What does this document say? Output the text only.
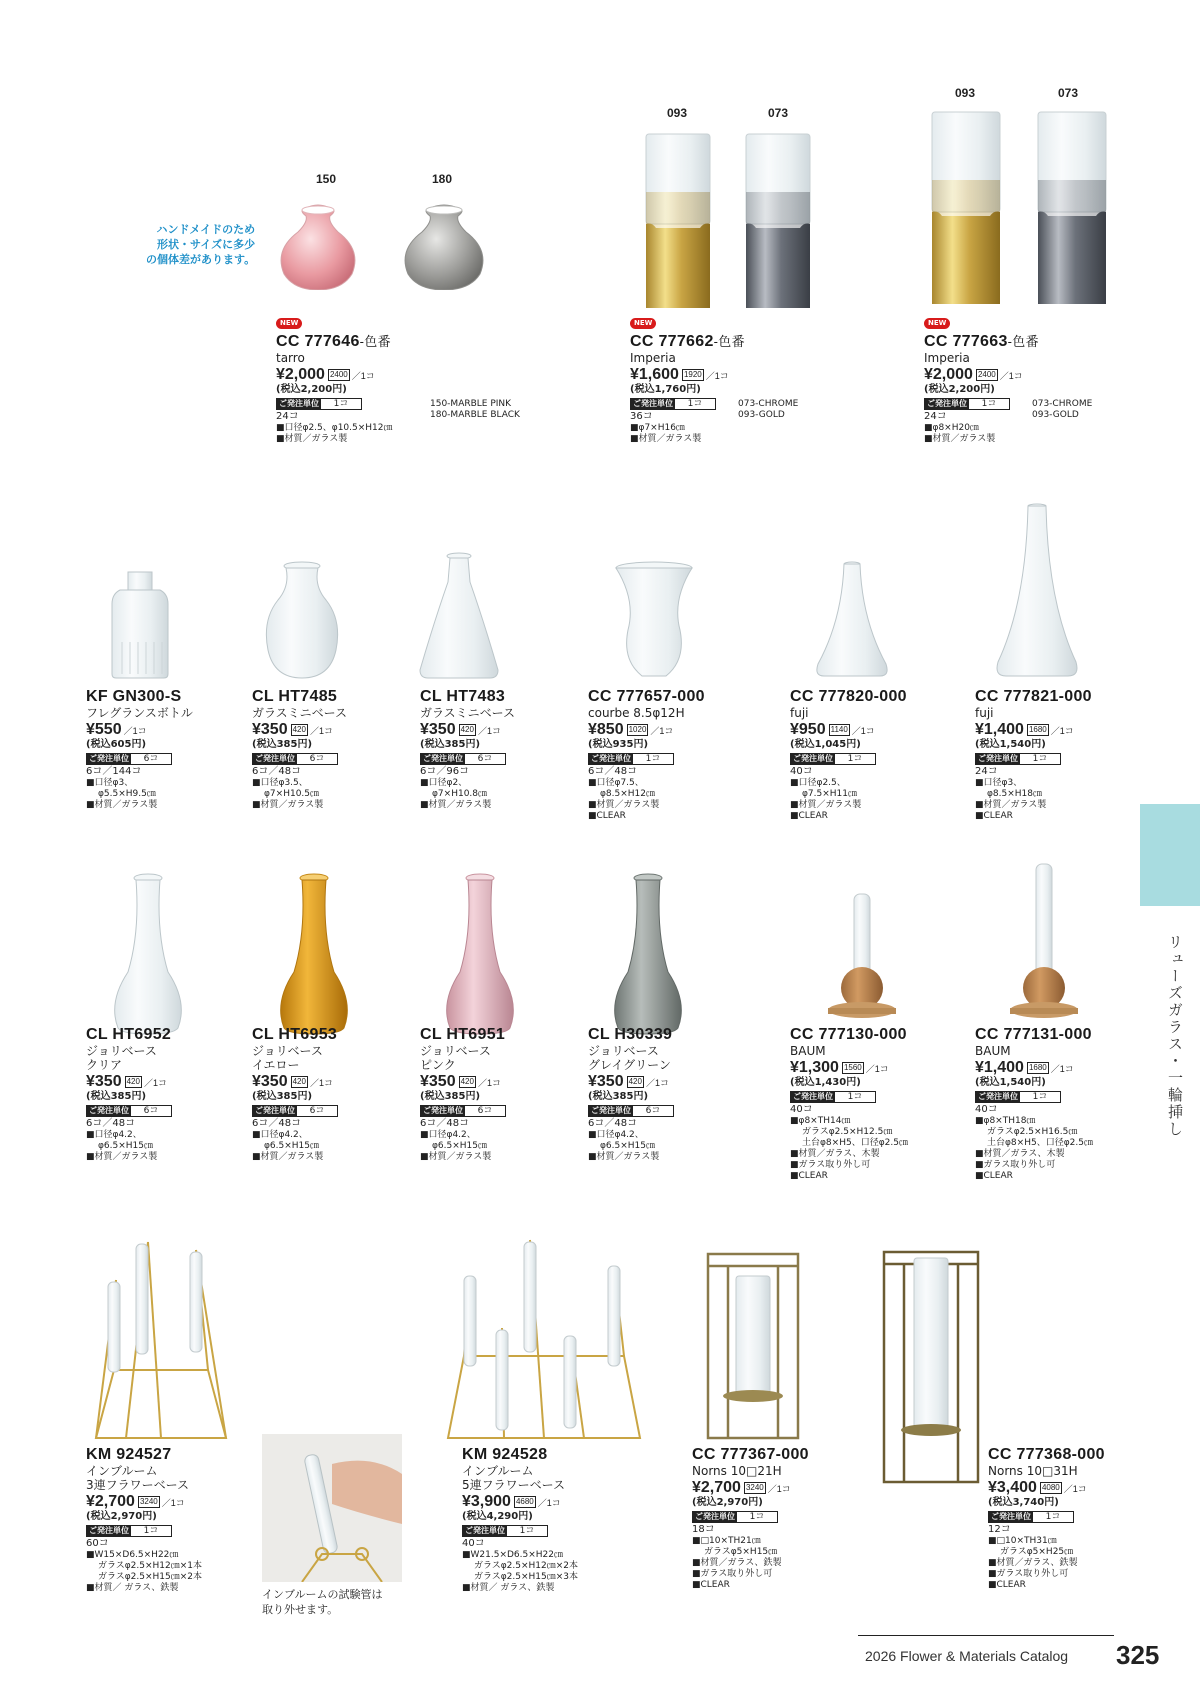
150	180
ハンドメイドのため
形状・サイズに多少
の個体差があります。
093	073
093	073
NEW

CC 777646-色番
tarro
¥2,000 2400 ／1コ
(税込2,200円)
ご発注単位	1コ
24コ
■口径φ2.5、φ10.5×H12㎝
■材質／ガラス製
150-MARBLE PINK
180-MARBLE BLACK
NEW

CC 777662-色番
Imperia
¥1,600 1920 ／1コ
(税込1,760円)
ご発注単位	1コ
36コ
■φ7×H16㎝
■材質／ガラス製
073-CHROME
093-GOLD
NEW

CC 777663-色番
Imperia
¥2,000 2400 ／1コ
(税込2,200円)
ご発注単位	1コ
24コ
■φ8×H20㎝
■材質／ガラス製
073-CHROME
093-GOLD
KF GN300-S
フレグランスボトル
¥550 ／1コ
(税込605円)
ご発注単位	6コ
6コ／144コ
■口径φ3、
φ5.5×H9.5㎝
■材質／ガラス製
CL HT7485
ガラスミニベース
¥350 420 ／1コ
(税込385円)
ご発注単位	6コ
6コ／48コ
■口径φ3.5、
φ7×H10.5㎝
■材質／ガラス製
CL HT7483
ガラスミニベース
¥350 420 ／1コ
(税込385円)
ご発注単位	6コ
6コ／96コ
■口径φ2、
φ7×H10.8㎝
■材質／ガラス製
CC 777657-000
courbe 8.5φ12H
¥850 1020 ／1コ
(税込935円)
ご発注単位	1コ
6コ／48コ
■口径φ7.5、
φ8.5×H12㎝
■材質／ガラス製
■CLEAR
CC 777820-000
fuji
¥950 1140 ／1コ
(税込1,045円)
ご発注単位	1コ
40コ
■口径φ2.5、
φ7.5×H11㎝
■材質／ガラス製
■CLEAR
CC 777821-000
fuji
¥1,400 1680 ／1コ
(税込1,540円)
ご発注単位	1コ
24コ
■口径φ3、
φ8.5×H18㎝
■材質／ガラス製
■CLEAR
CL HT6952
ジョリベース
クリア
¥350 420 ／1コ
(税込385円)
ご発注単位	6コ
6コ／48コ
■口径φ4.2、
φ6.5×H15㎝
■材質／ガラス製
CL HT6953
ジョリベース
イエロー
¥350 420 ／1コ
(税込385円)
ご発注単位	6コ
6コ／48コ
■口径φ4.2、
φ6.5×H15㎝
■材質／ガラス製
CL HT6951
ジョリベース
ピンク
¥350 420 ／1コ
(税込385円)
ご発注単位	6コ
6コ／48コ
■口径φ4.2、
φ6.5×H15㎝
■材質／ガラス製
CL H30339
ジョリベース
グレイグリーン
¥350 420 ／1コ
(税込385円)
ご発注単位	6コ
6コ／48コ
■口径φ4.2、
φ6.5×H15㎝
■材質／ガラス製
CC 777130-000
BAUM
¥1,300 1560 ／1コ
(税込1,430円)
ご発注単位	1コ
40コ
■φ8×TH14㎝
ガラスφ2.5×H12.5㎝
土台φ8×H5、口径φ2.5㎝
■材質／ガラス、木製
■ガラス取り外し可
■CLEAR
CC 777131-000
BAUM
¥1,400 1680 ／1コ
(税込1,540円)
ご発注単位	1コ
40コ
■φ8×TH18㎝
ガラスφ2.5×H16.5㎝
土台φ8×H5、口径φ2.5㎝
■材質／ガラス、木製
■ガラス取り外し可
■CLEAR
KM 924527
インブルーム
3連フラワーベース
¥2,700 3240 ／1コ
(税込2,970円)
ご発注単位	1コ
60コ
■W15×D6.5×H22㎝
ガラスφ2.5×H12㎝×1本
ガラスφ2.5×H15㎝×2本
■材質／ ガラス、鉄製
KM 924528
インブルーム
5連フラワーベース
¥3,900 4680 ／1コ
(税込4,290円)
ご発注単位	1コ
40コ
■W21.5×D6.5×H22㎝
ガラスφ2.5×H12㎝×2本
ガラスφ2.5×H15㎝×3本
■材質／ ガラス、鉄製
CC 777367-000
Norns 10□21H
¥2,700 3240 ／1コ
(税込2,970円)
ご発注単位	1コ
18コ
■□10×TH21㎝
ガラスφ5×H15㎝
■材質／ガラス、鉄製
■ガラス取り外し可
■CLEAR
CC 777368-000
Norns 10□31H
¥3,400 4080 ／1コ
(税込3,740円)
ご発注単位	1コ
12コ
■□10×TH31㎝
ガラスφ5×H25㎝
■材質／ガラス、鉄製
■ガラス取り外し可
■CLEAR
インブルームの試験管は
取り外せます。
リューズガラス・一輪挿し
2026 Flower & Materials Catalog 325
